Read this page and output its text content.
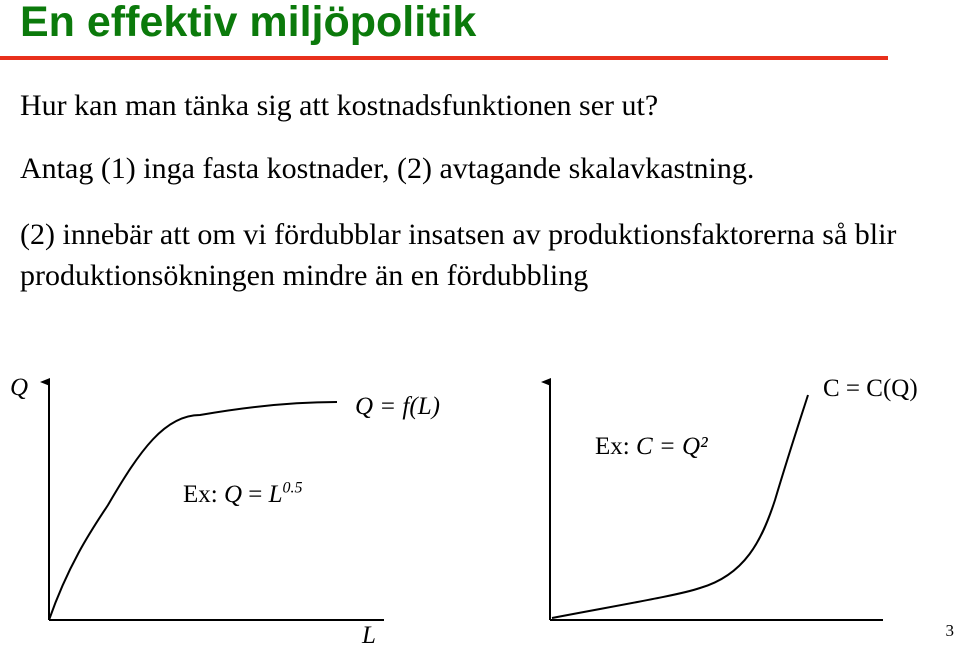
En effektiv miljöpolitik

Hur kan man tänka sig att kostnadsfunktionen ser ut?

Antag (1) inga fasta kostnader, (2) avtagande skalavkastning.

(2) innebär att om vi fördubblar insatsen av produktionsfaktorerna så blir produktionsökningen mindre än en fördubbling

Q

L

Q = f(L)

Ex: $Q = L^{0.5}$

C = C(Q)

Ex: C = Q²

3
